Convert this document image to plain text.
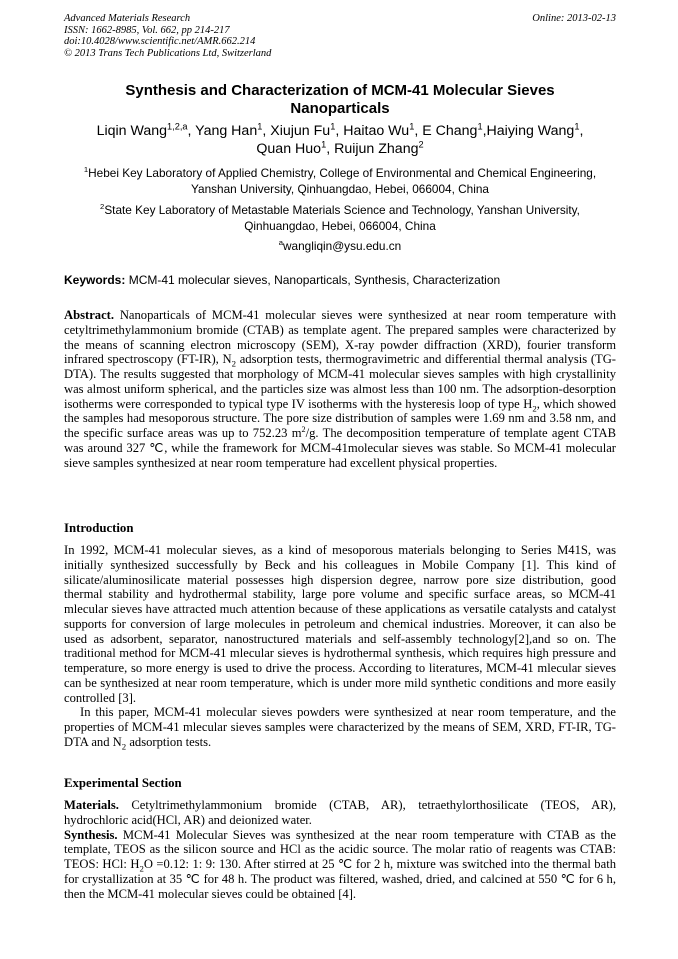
Advanced Materials Research
ISSN: 1662-8985, Vol. 662, pp 214-217
doi:10.4028/www.scientific.net/AMR.662.214
© 2013 Trans Tech Publications Ltd, Switzerland
Online: 2013-02-13
Synthesis and Characterization of MCM-41 Molecular Sieves
Nanoparticals
Liqin Wang$^{1,2,a}$, Yang Han$^1$, Xiujun Fu$^1$, Haitao Wu$^1$, E Chang$^1$,Haiying Wang$^1$,
Quan Huo$^1$, Ruijun Zhang$^2$
$^1$Hebei Key Laboratory of Applied Chemistry, College of Environmental and Chemical Engineering,
Yanshan University, Qinhuangdao, Hebei, 066004, China
$^2$State Key Laboratory of Metastable Materials Science and Technology, Yanshan University,
Qinhuangdao, Hebei, 066004, China
$^a$wangliqin@ysu.edu.cn
Keywords: MCM-41 molecular sieves, Nanoparticals, Synthesis, Characterization

Abstract. Nanoparticals of MCM-41 molecular sieves were synthesized at near room temperature with cetyltrimethylammonium bromide (CTAB) as template agent. The prepared samples were characterized by the means of scanning electron microscopy (SEM), X-ray powder diffraction (XRD), fourier transform infrared spectroscopy (FT-IR), $N_2$ adsorption tests, thermogravimetric and differential thermal analysis (TG-DTA). The results suggested that morphology of MCM-41 molecular sieves samples with high crystallinity was almost uniform spherical, and the particles size was almost less than 100 nm. The adsorption-desorption isotherms were corresponded to typical type IV isotherms with the hysteresis loop of type $H_2$, which showed the samples had mesoporous structure. The pore size distribution of samples were 1.69 nm and 3.58 nm, and the specific surface areas was up to 752.23 $m^2/g$. The decomposition temperature of template agent CTAB was around 327 ℃, while the framework for MCM-41molecular sieves was stable. So MCM-41 molecular sieve samples synthesized at near room temperature had excellent physical properties.

Introduction

In 1992, MCM-41 molecular sieves, as a kind of mesoporous materials belonging to Series M41S, was initially synthesized successfully by Beck and his colleagues in Mobile Company [1]. This kind of silicate/aluminosilicate material possesses high dispersion degree, narrow pore size distribution, good thermal stability and hydrothermal stability, large pore volume and specific surface areas, so MCM-41 mlecular sieves have attracted much attention because of these applications as versatile catalysts and catalyst supports for conversion of large molecules in petroleum and chemical industries. Moreover, it can also be used as adsorbent, separator, nanostructured materials and self-assembly technology[2],and so on. The traditional method for MCM-41 mlecular sieves is hydrothermal synthesis, which requires high pressure and temperature, so more energy is used to drive the process. According to literatures, MCM-41 mlecular sieves can be synthesized at near room temperature, which is under more mild synthetic conditions and more easily controlled [3].

In this paper, MCM-41 molecular sieves powders were synthesized at near room temperature, and the properties of MCM-41 mlecular sieves samples were characterized by the means of SEM, XRD, FT-IR, TG-DTA and $N_2$ adsorption tests.

Experimental Section

Materials. Cetyltrimethylammonium bromide (CTAB, AR), tetraethylorthosilicate (TEOS, AR), hydrochloric acid(HCl, AR) and deionized water.

Synthesis. MCM-41 Molecular Sieves was synthesized at the near room temperature with CTAB as the template, TEOS as the silicon source and HCl as the acidic source. The molar ratio of reagents was CTAB: TEOS: HCl: $H_2O =0.12$: 1: 9: 130. After stirred at 25 ℃ for 2 h, mixture was switched into the thermal bath for crystallization at 35 ℃ for 48 h. The product was filtered, washed, dried, and calcined at 550 ℃ for 6 h, then the MCM-41 molecular sieves could be obtained [4].
